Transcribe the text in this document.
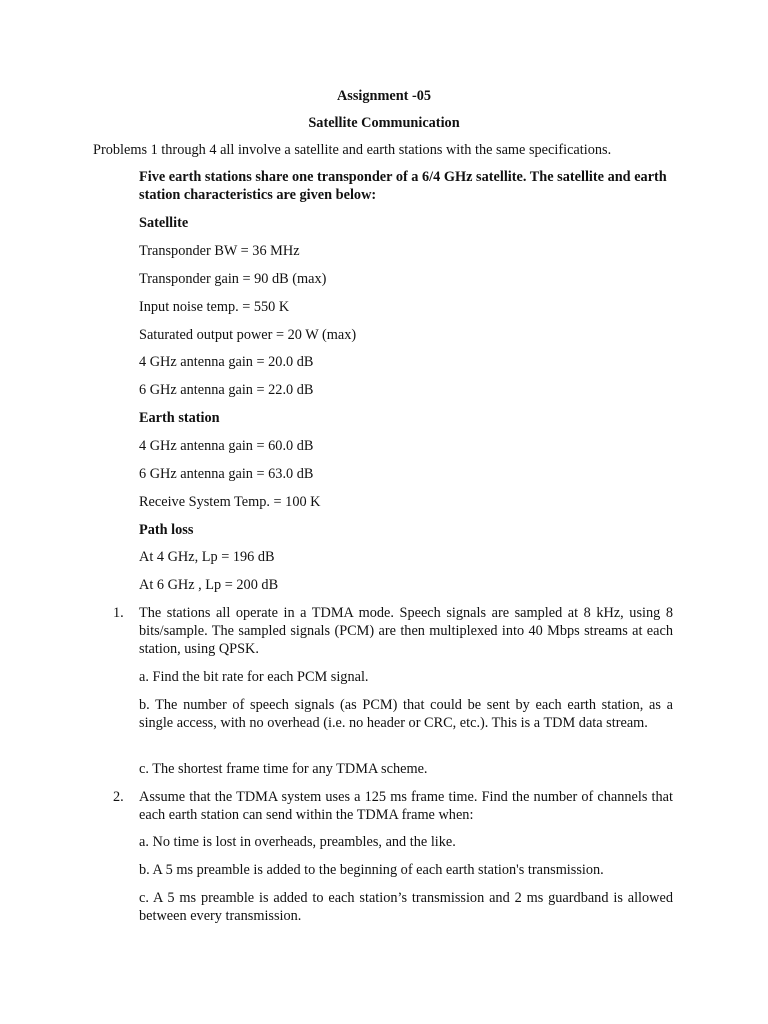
Assignment -05
Satellite Communication
Problems 1 through 4 all involve a satellite and earth stations with the same specifications.
Five earth stations share one transponder of a 6/4 GHz satellite. The satellite and earth station characteristics are given below:
Satellite
Transponder BW = 36 MHz
Transponder gain = 90 dB (max)
Input noise temp. = 550 K
Saturated output power = 20 W (max)
4 GHz antenna gain = 20.0 dB
6 GHz antenna gain = 22.0 dB
Earth station
4 GHz antenna gain = 60.0 dB
6 GHz antenna gain = 63.0 dB
Receive System Temp. = 100 K
Path loss
At 4 GHz, Lp = 196 dB
At 6 GHz , Lp = 200 dB
1. The stations all operate in a TDMA mode. Speech signals are sampled at 8 kHz, using 8 bits/sample. The sampled signals (PCM) are then multiplexed into 40 Mbps streams at each station, using QPSK.
a. Find the bit rate for each PCM signal.
b. The number of speech signals (as PCM) that could be sent by each earth station, as a single access, with no overhead (i.e. no header or CRC, etc.). This is a TDM data stream.
c. The shortest frame time for any TDMA scheme.
2. Assume that the TDMA system uses a 125 ms frame time. Find the number of channels that each earth station can send within the TDMA frame when:
a. No time is lost in overheads, preambles, and the like.
b. A 5 ms preamble is added to the beginning of each earth station's transmission.
c. A 5 ms preamble is added to each station’s transmission and 2 ms guardband is allowed between every transmission.
